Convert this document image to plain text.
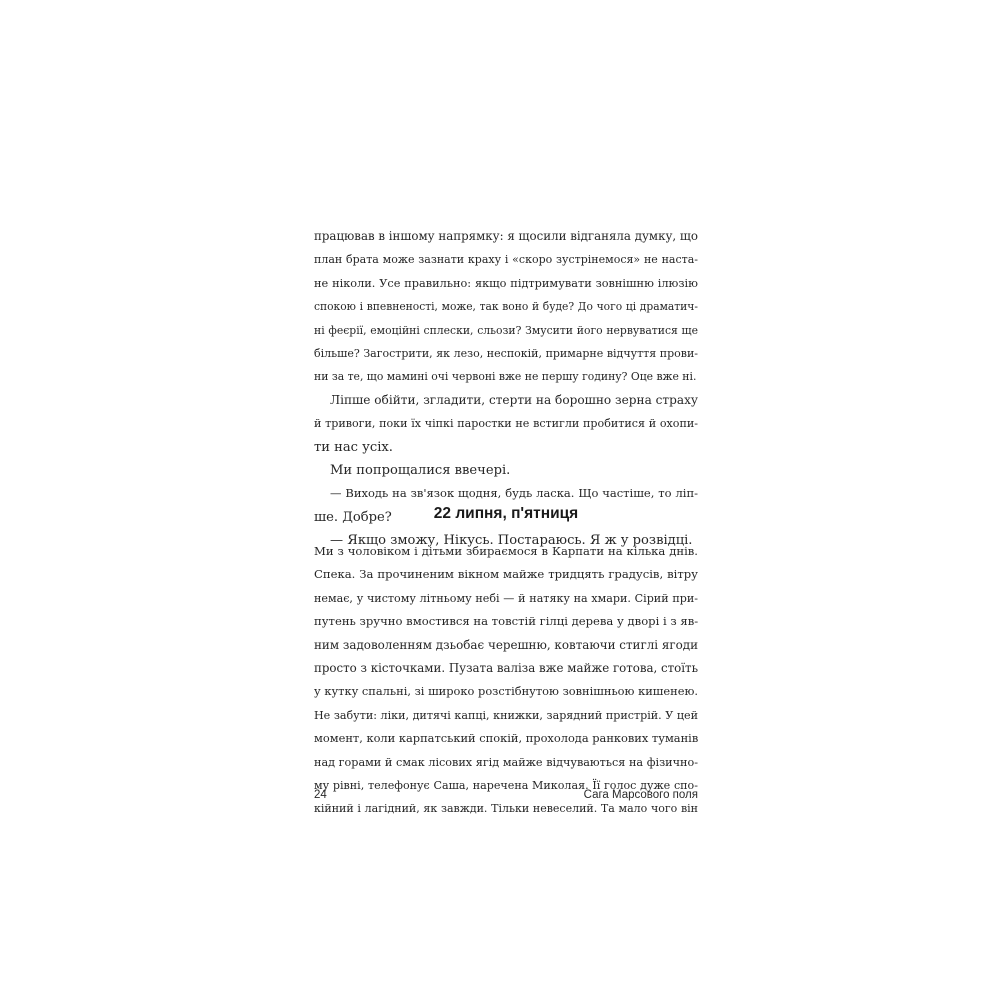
працював в іншому напрямку: я щосили відганяла думку, що
план брата може зазнати краху і «скоро зустрінемося» не наста-
не ніколи. Усе правильно: якщо підтримувати зовнішню ілюзію
спокою і впевненості, може, так воно й буде? До чого ці драматич-
ні феєрії, емоційні сплески, сльози? Змусити його нервуватися ще
більше? Загострити, як лезо, неспокій, примарне відчуття прови-
ни за те, що мамині очі червоні вже не першу годину? Оце вже ні.
Ліпше обійти, згладити, стерти на борошно зерна страху
й тривоги, поки їх чіпкі паростки не встигли пробитися й охопи-
ти нас усіх.
Ми попрощалися ввечері.
— Виходь на зв'язок щодня, будь ласка. Що частіше, то ліп-
ше. Добре?
— Якщо зможу, Нікусь. Постараюсь. Я ж у розвідці.
22 липня, п'ятниця
Ми з чоловіком і дітьми збираємося в Карпати на кілька днів.
Спека. За прочиненим вікном майже тридцять градусів, вітру
немає, у чистому літньому небі — й натяку на хмари. Сірий при-
путень зручно вмостився на товстій гілці дерева у дворі і з яв-
ним задоволенням дзьобає черешню, ковтаючи стиглі ягоди
просто з кісточками. Пузата валіза вже майже готова, стоїть
у кутку спальні, зі широко розстібнутою зовнішньою кишенею.
Не забути: ліки, дитячі капці, книжки, зарядний пристрій. У цей
момент, коли карпатський спокій, прохолода ранкових туманів
над горами й смак лісових ягід майже відчуваються на фізично-
му рівні, телефонує Саша, наречена Миколая. Її голос дуже спо-
кійний і лагідний, як завжди. Тільки невеселий. Та мало чого він
24	Сага Марсового поля
